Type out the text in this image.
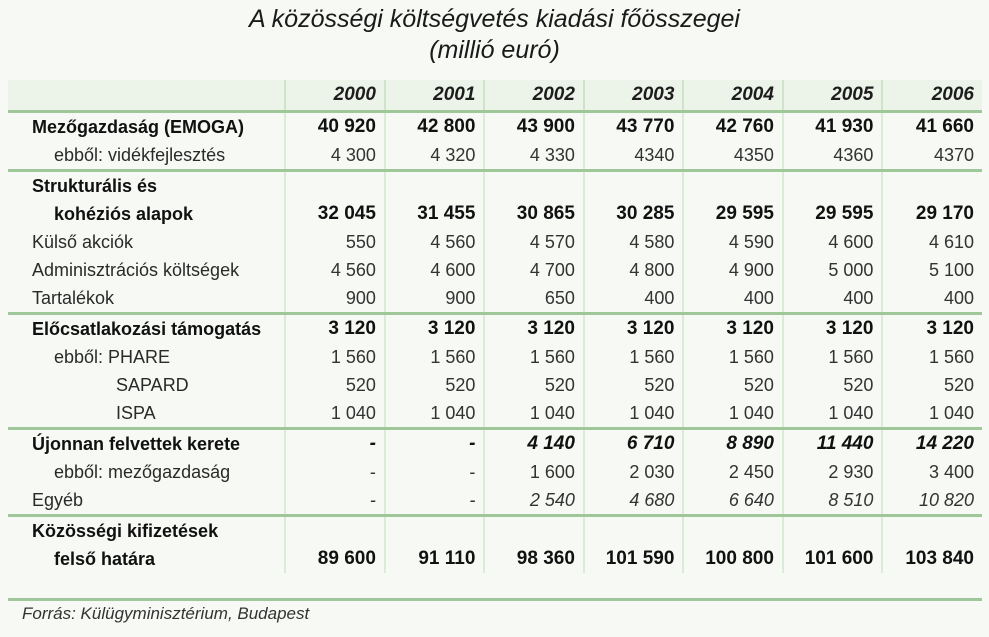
A közösségi költségvetés kiadási főösszegei
(millió euró)
	2000	2001	2002	2003	2004	2005	2006
Mezőgazdaság (EMOGA)	40 920	42 800	43 900	43 770	42 760	41 930	41 660
ebből: vidékfejlesztés	4 300	4 320	4 330	4340	4350	4360	4370
Strukturális és							
kohéziós alapok	32 045	31 455	30 865	30 285	29 595	29 595	29 170
Külső akciók	550	4 560	4 570	4 580	4 590	4 600	4 610
Adminisztrációs költségek	4 560	4 600	4 700	4 800	4 900	5 000	5 100
Tartalékok	900	900	650	400	400	400	400
Előcsatlakozási támogatás	3 120	3 120	3 120	3 120	3 120	3 120	3 120
ebből: PHARE	1 560	1 560	1 560	1 560	1 560	1 560	1 560
SAPARD	520	520	520	520	520	520	520
ISPA	1 040	1 040	1 040	1 040	1 040	1 040	1 040
Újonnan felvettek kerete	-	-	4 140	6 710	8 890	11 440	14 220
ebből: mezőgazdaság	-	-	1 600	2 030	2 450	2 930	3 400
Egyéb	-	-	2 540	4 680	6 640	8 510	10 820
Közösségi kifizetések							
felső határa	89 600	91 110	98 360	101 590	100 800	101 600	103 840
Forrás: Külügyminisztérium, Budapest
